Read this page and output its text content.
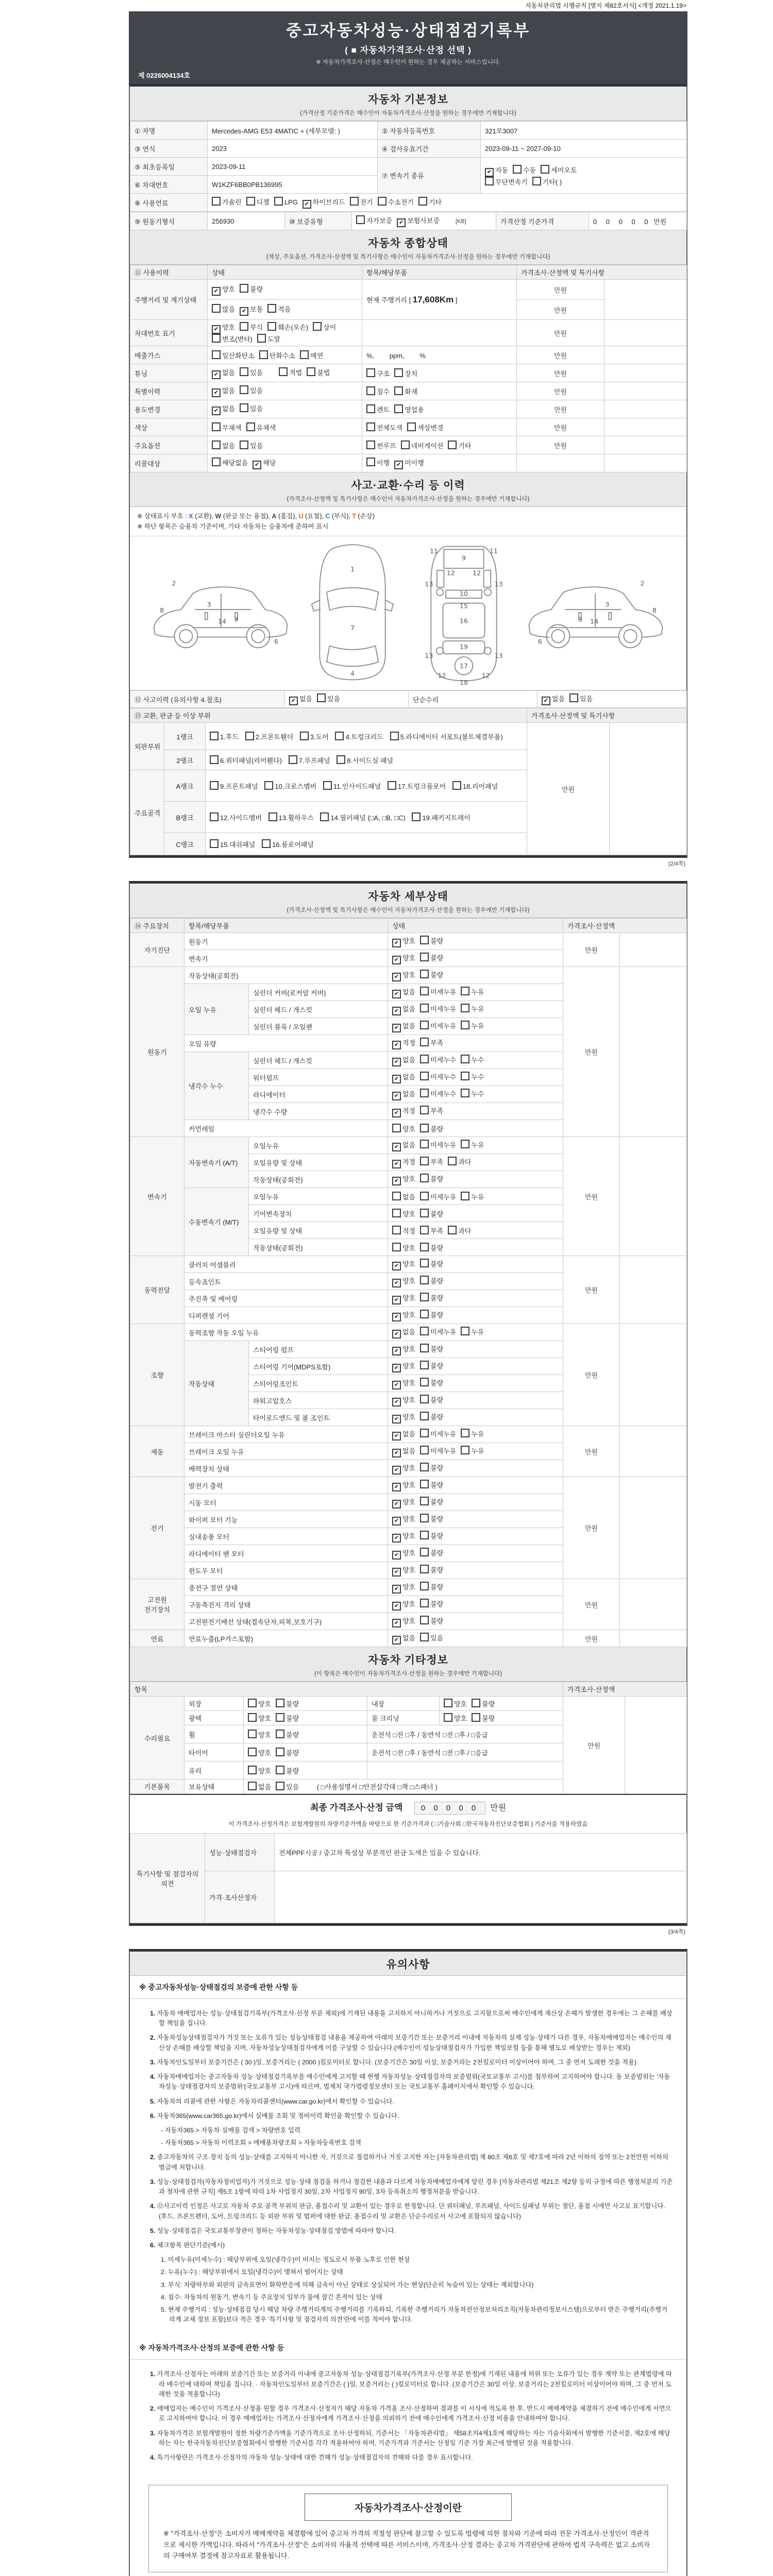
자동차관리법 시행규칙 [별지 제82호서식] <개정 2021.1.19>
중고자동차성능·상태점검기록부
( ■ 자동차가격조사·산정 선택 )
※ 자동차가격조사·산정은 매수인이 원하는 경우 제공하는 서비스입니다.
제 0226004134호
자동차 기본정보
(가격산정 기준가격은 매수인이 자동차가격조사·산정을 원하는 경우에만 기재합니다)
① 차명	Mercedes-AMG E53 4MATIC + (세부모델: )	② 자동차등록번호	321모3007
③ 연식	2023	④ 검사유효기간	2023-09-11 ~ 2027-09-10
⑤ 최초등록일	2023-09-11	⑦ 변속기 종류	✔ 자동 수동 세미오토
무단변속기 기타( )
⑥ 차대번호	W1KZF6BB0PB136995		
⑧ 사용연료	가솔린 디젤 LPG ✔ 하이브리드 전기 수소전기 기타		
⑨ 원동기형식	256930	⑩ 보증유형	자가보증 ✔ 보험사보증	[KB]	가격산정 기준가격	0 0 0 0 0 만원
자동차 종합상태
(색상, 주요옵션, 가격조사·산정액 및 특기사항은 매수인이 자동차가격조사·산정을 원하는 경우에만 기재합니다)
⑪ 사용이력	상태	항목/해당부품	가격조사·산정액 및 특기사항	
주행거리 및 계기상태	✔ 양호 불량	현재 주행거리 [ 17,608Km ]	만원	
	많음 ✔ 보통 적음		만원	
차대번호 표기	✔ 양호 부식 훼손(오손) 상이변조(변타) 도말		만원	
배출가스	일산화탄소 탄화수소 매연	%,　 　ppm,　 　%	만원	
튜닝	✔ 없음 있음 적법 불법	구조 장치	만원	
특별이력	✔ 없음 있음	침수 화재	만원	
용도변경	✔ 없음 있음	렌트 영업용	만원	
색상	무채색 유채색	전체도색 색상변경	만원	
주요옵션	없음 있음	썬루프 네비게이션 기타	만원	
리콜대상	해당없음 ✔ 해당	이행 ✔ 미이행		
사고·교환·수리 등 이력
(가격조사·산정액 및 특기사항은 매수인이 자동차가격조사·산정을 원하는 경우에만 기재합니다)
※ 상태표시 부호 : X (교환), W (판금 또는 용접), A (흠집), U (요철), C (부식), T (손상)
※ 하단 항목은 승용차 기준이며, 기타 자동차는 승용차에 준하여 표시
2
3
3
14
8
6
1
7
4
11
9
11
12	12
13	13
10
15
16
19
13	13
17
12	12
18
2
3
3 14
8
6
⑫ 사고이력 (유의사항 4.참조)	✔ 없음 있음	단순수리	✔ 없음 있음
⑬ 교환, 판금 등 이상 부위			가격조사·산정액 및 특기사항	
외판부위	1랭크	1.후드 2.프론트휀더 3.도어 4.트렁크리드 5.라디에이터 서포트(볼트체결부품)	만원	
	2랭크	6.쿼터패널(리어휀다) 7.루프패널 8.사이드실 패널		
주요골격	A랭크	9.프론트패널 10.크로스멤버 11.인사이드패널 17.트렁크플로어 18.리어패널		
	B랭크	12.사이드멤버 13.휠하우스 14.필러패널 (□A, □B, □C) 19.패키지트레이		
	C랭크	15.대쉬패널 16.플로어패널		
(2/4쪽)
자동차 세부상태
(가격조사·산정액 및 특기사항은 매수인이 자동차가격조사·산정을 원하는 경우에만 기재합니다)
⑭ 주요장치	항목/해당부품		상태	가격조사·산정액	
자기진단	원동기		✔ 양호 불량	만원	
	변속기		✔ 양호 불량		
원동기	작동상태(공회전)		✔ 양호 불량	만원	
	오일 누유	실린더 커버(로커암 커버)	✔ 없음 미세누유 누유		
		실린더 헤드 / 개스킷	✔ 없음 미세누유 누유		
		실린더 블록 / 오일팬	✔ 없음 미세누유 누유		
	오일 유량		✔ 적정 부족		
	냉각수 누수	실린더 헤드 / 개스킷	✔ 없음 미세누수 누수		
		워터펌프	✔ 없음 미세누수 누수		
		라디에이터	✔ 없음 미세누수 누수		
		냉각수 수량	✔ 적정 부족		
	커먼레일		양호 불량		
변속기	자동변속기 (A/T)	오일누유	✔ 없음 미세누유 누유	만원	
		오일유량 및 상태	✔ 적정 부족 과다		
		작동상태(공회전)	✔ 양호 불량		
	수동변속기 (M/T)	오일누유	없음 미세누유 누유		
		기어변속장치	양호 불량		
		오일유량 및 상태	적정 부족 과다		
		작동상태(공회전)	양호 불량		
동력전달	클러치 어셈블리		✔ 양호 불량	만원	
	등속죠인트		✔ 양호 불량		
	추진축 및 베어링		✔ 양호 불량		
	디퍼렌셜 기어		✔ 양호 불량		
조향	동력조향 작동 오일 누유		✔ 없음 미세누유 누유	만원	
	작동상태	스티어링 펌프	✔ 양호 불량		
		스티어링 기어(MDPS포함)	✔ 양호 불량		
		스티어링조인트	✔ 양호 불량		
		파워고압호스	✔ 양호 불량		
		타이로드엔드 및 볼 조인트	✔ 양호 불량		
제동	브레이크 마스터 실린더오일 누유		✔ 없음 미세누유 누유	만원	
	브레이크 오일 누유		✔ 없음 미세누유 누유		
	배력장치 상태		✔ 양호 불량		
전기	발전기 출력		✔ 양호 불량	만원	
	시동 모터		✔ 양호 불량		
	와이퍼 모터 기능		✔ 양호 불량		
	실내송풍 모터		✔ 양호 불량		
	라디에이터 팬 모터		✔ 양호 불량		
	윈도우 모터		✔ 양호 불량		
고전원 전기장치	충전구 절연 상태		✔ 양호 불량	만원	
	구동축전지 격리 상태		✔ 양호 불량		
	고전원전기배선 상태(접속단자,피복,보호기구)		✔ 양호 불량		
연료	연료누출(LP가스포함)		✔ 없음 있음	만원	
자동차 기타정보
(이 항목은 매수인이 자동차가격조사·산정을 원하는 경우에만 기재합니다)
항목					가격조사·산정액	
수리필요	외장	양호 불량	내장	양호 불량	만원	
	광택	양호 불량	룸 크리닝	양호 불량		
	휠	양호 불량	운전석 □전 □후 / 동반석 □전 □후 / □응급			
	타이어	양호 불량	운전석 □전 □후 / 동반석 □전 □후 / □응급			
	유리	양호 불량				
기본품목	보유상태	없음 있음 ( □사용설명서 □안전삼각대 □잭 □스패너 )				
최종 가격조사·산정 금액 0 0 0 0 0  만원
이 가격조사·산정가격은 보험개발원의 차량기준가액을 바탕으로 한 기준가격과 ( □기술사회 □한국자동차진단보증협회 ) 기준서를 적용하였음
특기사항 및 점검자의 의견	성능·상태점검자	전체PPF시공 / 중고차 특성상 부분적인 판금 도색은 있을 수 있습니다.
	가격·조사산정자	
(3/4쪽)
유의사항
※ 중고자동차성능·상태점검의 보증에 관한 사항 등
1. 자동차 매매업자는 성능·상태점검기록부(가격조사·산정 부분 제외)에 기재된 내용을 고지하지 아니하거나 거짓으로 고지함으로써 매수인에게 재산상 손해가 발생한 경우에는 그 손해를 배상할 책임을 집니다.
2. 자동차성능상태점검자가 거짓 또는 오류가 있는 성능상태점검 내용을 제공하여 아래의 보증기간 또는 보증거리 이내에 자동차의 실제 성능·상태가 다른 경우, 자동차매매업자는 매수인의 재산상 손해를 배상할 책임을 지며, 자동차성능상태점검자에게 이를 구상할 수 있습니다.(매수인이 성능상태점검자가 가입한 책임보험 등을 통해 별도로 배상받는 경우는 제외)
3. 자동차인도일부터 보증기간은 ( 30 )일, 보증거리는 ( 2000 )킬로미터로 합니다. (보증기간은 30일 이상, 보증거리는 2천킬로미터 이상이어야 하며, 그 중 먼저 도래한 것을 적용)
4. 자동차매매업자는 중고자동차 성능·상태점검기록부를 매수인에게 고지할 때 현행 자동차성능·상태점검자의 보증범위(국토교통부 고시)를 첨부하여 고지하여야 합니다. 동 보증범위는 '자동차성능·상태점검자의 보증범위'(국토교통부 고시)에 따르며, 법제처 국가법령정보센터 또는 국토교통부 홈페이지에서 확인할 수 있습니다.
5. 자동차의 리콜에 관한 사항은 자동차리콜센터(www.car.go.kr)에서 확인할 수 있습니다.
6. 자동차365(www.car365.go.kr)에서 실매물 조회 및 정비이력 확인을 확인할 수 있습니다.
- 자동차365 > 자동차·실매물 검색 > 차량번호 입력
- 자동차365 > 자동차 이력조회 > 매매용차량조회 > 자동차등록번호 검색
2. 중고자동차의 구조·장치 등의 성능·상태를 고지하지 아니한 자, 거짓으로 점검하거나 거짓 고지한 자는 [자동차관리법] 제 80조 제6호 및 제7호에 따라 2년 이하의 징역 또는 2천만원 이하의 벌금에 처합니다.
3. 성능·상태점검자(자동차정비업자)가 거짓으로 성능·상태 점검을 하거나 점검한 내용과 다르게 자동차매매업자에게 알린 경우 [자동차관리법 제21조 제2항 등의 규정에 따른 행정처분의 기준과 절차에 관한 규칙] 제5조 1항에 따라 1차 사업정지 30일, 2차 사업정지 90일, 3차 등록취소의 행정처분을 받습니다.
4. ⑫사고이력 인정은 사고로 자동차 주요 골격 부위의 판금, 용접수리 및 교환이 있는 경우로 한정합니다. 단 쿼터패널, 루프패널, 사이드실패널 부위는 절단, 용접 시에만 사고로 표기합니다. (후드, 프론트펜더, 도어, 트렁크리드 등 외판 부위 및 범퍼에 대한 판금, 용접수리 및 교환은 단순수리로서 사고에 포함되지 않습니다)
5. 성능·상태점검은 국토교통부장관이 정하는 자동차성능·상태점검 방법에 따라야 합니다.
6. 체크항목 판단기준(예시)
1. 미세누유(미세누수) : 해당부위에 오일(냉각수)이 비치는 정도로서 부품 노후로 인한 현상
2. 누유(누수) : 해당부위에서 오일(냉각수)이 맺혀서 떨어지는 상태
3. 부식: 차량하부와 외판의 금속표면이 화학반응에 의해 금속이 아닌 상태로 상실되어 가는 현상(단순히 녹슬어 있는 상태는 제외합니다)
4. 침수: 자동차의 원동기, 변속기 등 주요장치 일부가 물에 잠긴 흔적이 있는 상태
5. 현재 주행거리 : 성능·상태점검 당시 해당 차량 주행거리계의 주행거리를 기록하되, 기록한 주행거리가 자동차전산정보처리조직(자동차관리정보시스템)으로부터 받은 주행거리(주행거리계 교체 정보 포함)보다 적은 경우 '특기사항 및 점검자의 의견'란에 이를 적어야 합니다.
※ 자동차가격조사·산정의 보증에 관한 사항 등
1. 가격조사·산정자는 아래의 보증기간 또는 보증거리 이내에 중고자동차 성능·상태점검기록부(가격조사·산정 부분 한정)에 기재된 내용에 허위 또는 오류가 있는 경우 계약 또는 관계법령에 따라 매수인에 대하여 책임을 집니다. · 자동차인도일부터 보증기간은 ( )일, 보증거리는 ( )킬로미터로 합니다. (보증기간은 30일 이상, 보증거리는 2천킬로미터 이상이어야 하며, 그 중 먼저 도래한 것을 적용합니다)
2. 매매업자는 매수인이 가격조사·산정을 원할 경우 가격조사·산정자가 해당 자동차 가격을 조사·산정하여 결과를 이 서식에 적도록 한 후, 반드시 매매계약을 체결하기 전에 매수인에게 서면으로 고지하여야 합니다. 이 경우 매매업자는 가격조사·산정자에게 가격조사·산정을 의뢰하기 전에 매수인에게 가격조사·산정 비용을 안내하여야 합니다.
3. 자동차가격은 보험개발원이 정한 차량기준가액을 기준가격으로 조사·산정하되, 기준서는 「자동차관리법」 제58조의4제1호에 해당하는 자는 기술사회에서 발행한 기준서를, 제2호에 해당하는 자는 한국자동차진단보증협회에서 발행한 기준서를 각각 적용하여야 하며, 기준가격과 기준서는 산정일 기준 가장 최근에 발행된 것을 적용합니다.
4. 특기사항란은 가격조사·산정자의 자동차 성능·상태에 대한 견해가 성능·상태점검자의 견해와 다를 경우 표시합니다.
자동차가격조사·산정이란
※ "가격조사·산정"은 소비자가 매매계약을 체결함에 있어 중고차 가격의 적절성 판단에 참고할 수 있도록 법령에 의한 절차와 기준에 따라 전문 가격조사·산정인이 객관적으로 제시한 가액입니다. 따라서 "가격조사·산정"은 소비자의 자율적 선택에 따른 서비스이며, 가격조사·산정 결과는 중고차 가격판단에 관하여 법적 구속력은 없고 소비자의 구매여부 결정에 참고자료로 활용됩니다.
